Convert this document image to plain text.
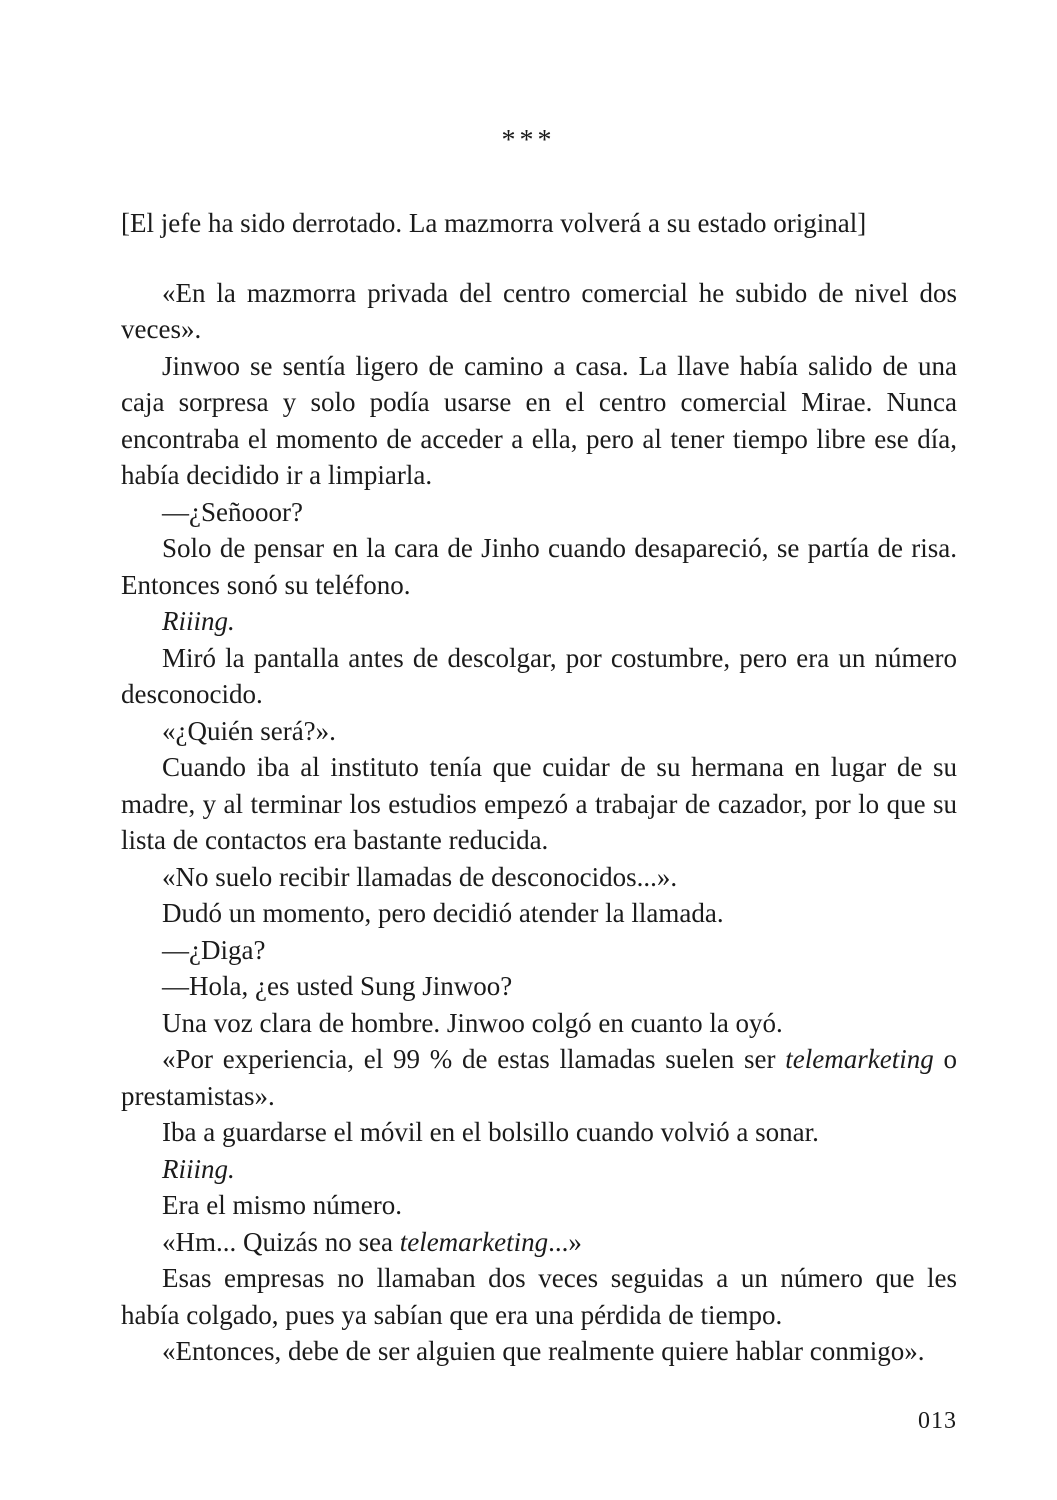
***

[El jefe ha sido derrotado. La mazmorra volverá a su estado original]

«En la mazmorra privada del centro comercial he subido de nivel dos veces».

Jinwoo se sentía ligero de camino a casa. La llave había salido de una caja sorpresa y solo podía usarse en el centro comercial Mirae. Nunca encontraba el momento de acceder a ella, pero al tener tiempo libre ese día, había decidido ir a limpiarla.

—¿Señooor?

Solo de pensar en la cara de Jinho cuando desapareció, se partía de risa. Entonces sonó su teléfono.

Riiing.

Miró la pantalla antes de descolgar, por costumbre, pero era un número desconocido.

«¿Quién será?».

Cuando iba al instituto tenía que cuidar de su hermana en lugar de su madre, y al terminar los estudios empezó a trabajar de cazador, por lo que su lista de contactos era bastante reducida.

«No suelo recibir llamadas de desconocidos...».

Dudó un momento, pero decidió atender la llamada.

—¿Diga?

—Hola, ¿es usted Sung Jinwoo?

Una voz clara de hombre. Jinwoo colgó en cuanto la oyó.

«Por experiencia, el 99 % de estas llamadas suelen ser telemarketing o prestamistas».

Iba a guardarse el móvil en el bolsillo cuando volvió a sonar.

Riiing.

Era el mismo número.

«Hm... Quizás no sea telemarketing...»

Esas empresas no llamaban dos veces seguidas a un número que les había colgado, pues ya sabían que era una pérdida de tiempo.

«Entonces, debe de ser alguien que realmente quiere hablar conmigo».

013
